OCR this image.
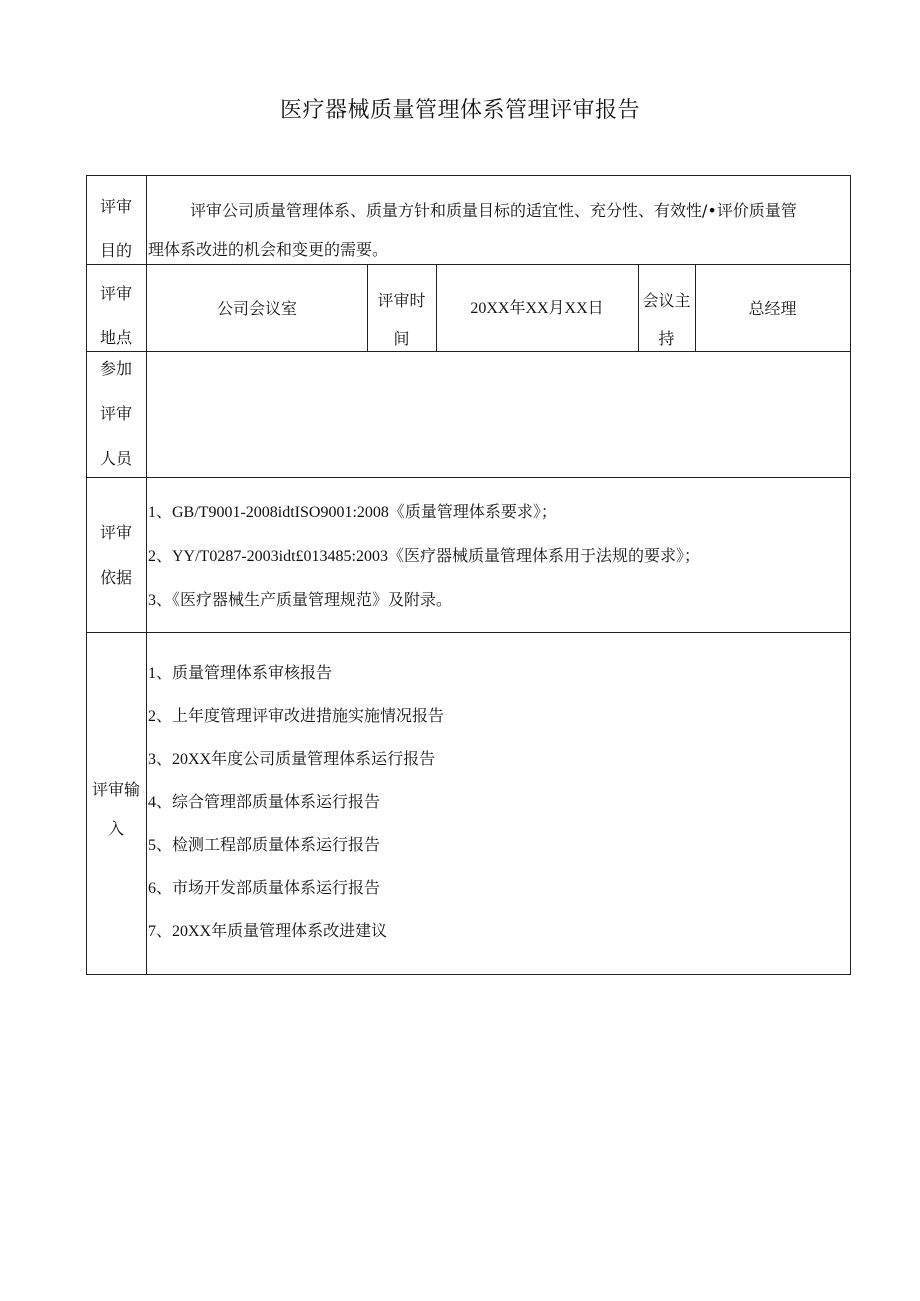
医疗器械质量管理体系管理评审报告
评审
目的
评审公司质量管理体系、质量方针和质量目标的适宜性、充分性、有效性/•评价质量管
理体系改进的机会和变更的需要。
评审
地点
公司会议室	评审时
间
20XX年XX月XX日	会议主
持
总经理
参加
评审
人员
评审
依据
1、GB/T9001-2008idtISO9001:2008《质量管理体系要求》；
2、YY/T0287-2003idt£013485:2003《医疗器械质量管理体系用于法规的要求》；
3、《医疗器械生产质量管理规范》及附录。
评审输
入
1、质量管理体系审核报告
2、上年度管理评审改进措施实施情况报告
3、20XX年度公司质量管理体系运行报告
4、综合管理部质量体系运行报告
5、检测工程部质量体系运行报告
6、市场开发部质量体系运行报告
7、20XX年质量管理体系改进建议
